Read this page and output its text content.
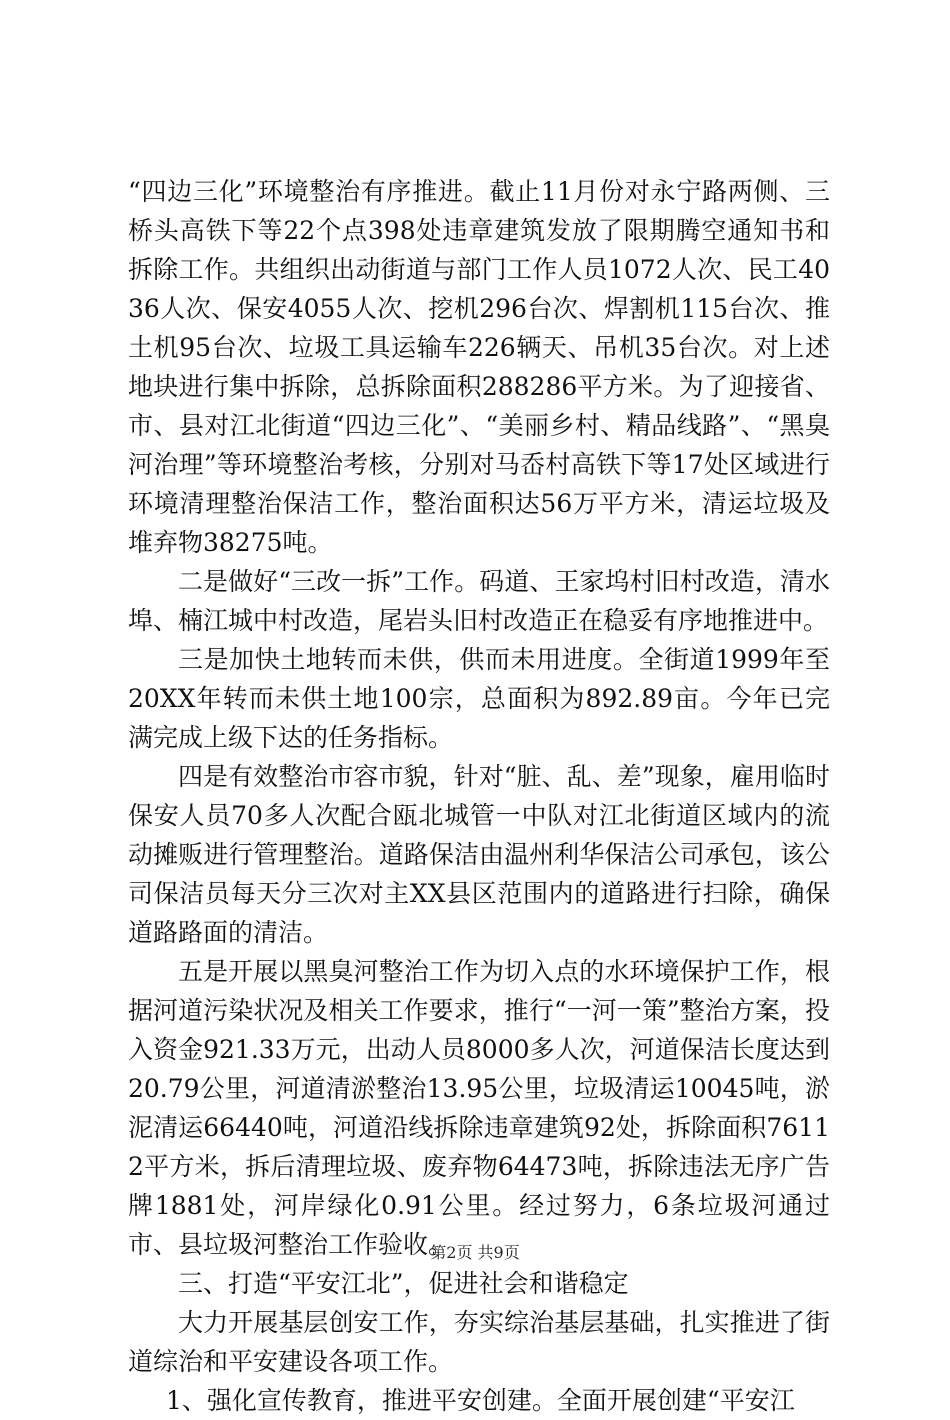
“四边三化”环境整治有序推进。截止11月份对永宁路两侧、三桥头高铁下等22个点398处违章建筑发放了限期腾空通知书和拆除工作。共组织出动街道与部门工作人员1072人次、民工4036人次、保安4055人次、挖机296台次、焊割机115台次、推土机95台次、垃圾工具运输车226辆天、吊机35台次。对上述地块进行集中拆除，总拆除面积288286平方米。为了迎接省、市、县对江北街道“四边三化”、“美丽乡村、精品线路”、“黑臭河治理”等环境整治考核，分别对马岙村高铁下等17处区域进行环境清理整治保洁工作，整治面积达56万平方米，清运垃圾及堆弃物38275吨。

二是做好“三改一拆”工作。码道、王家坞村旧村改造，清水埠、楠江城中村改造，尾岩头旧村改造正在稳妥有序地推进中。

三是加快土地转而未供，供而未用进度。全街道1999年至20XX年转而未供土地100宗，总面积为892.89亩。今年已完满完成上级下达的任务指标。

四是有效整治市容市貌，针对“脏、乱、差”现象，雇用临时保安人员70多人次配合瓯北城管一中队对江北街道区域内的流动摊贩进行管理整治。道路保洁由温州利华保洁公司承包，该公司保洁员每天分三次对主XX县区范围内的道路进行扫除，确保道路路面的清洁。

五是开展以黑臭河整治工作为切入点的水环境保护工作，根据河道污染状况及相关工作要求，推行“一河一策”整治方案，投入资金921.33万元，出动人员8000多人次，河道保洁长度达到20.79公里，河道清淤整治13.95公里，垃圾清运10045吨，淤泥清运66440吨，河道沿线拆除违章建筑92处，拆除面积76112平方米，拆后清理垃圾、废弃物64473吨，拆除违法无序广告牌1881处，河岸绿化0.91公里。经过努力，6条垃圾河通过市、县垃圾河整治工作验收。

三、打造“平安江北”，促进社会和谐稳定

大力开展基层创安工作，夯实综治基层基础，扎实推进了街道综治和平安建设各项工作。

1、强化宣传教育，推进平安创建。全面开展创建“平安江

第2页 共9页
